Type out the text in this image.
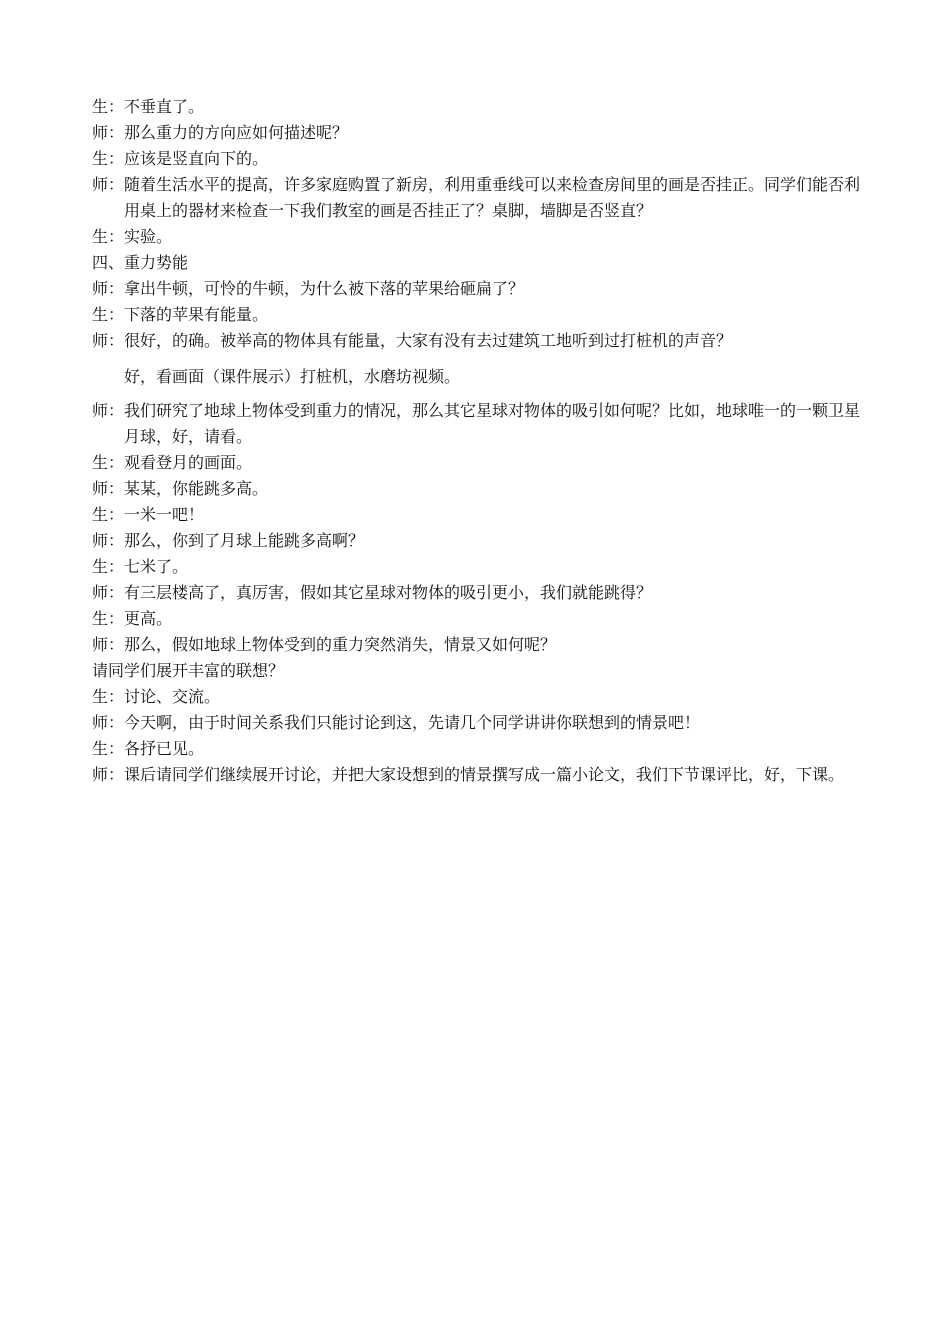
生：不垂直了。
师：那么重力的方向应如何描述呢？
生：应该是竖直向下的。
师：随着生活水平的提高，许多家庭购置了新房，利用重垂线可以来检查房间里的画是否挂正。同学们能否利用桌上的器材来检查一下我们教室的画是否挂正了？桌脚，墙脚是否竖直？
生：实验。
四、重力势能
师：拿出牛顿，可怜的牛顿，为什么被下落的苹果给砸扁了？
生：下落的苹果有能量。
师：很好，的确。被举高的物体具有能量，大家有没有去过建筑工地听到过打桩机的声音？
好，看画面（课件展示）打桩机，水磨坊视频。
师：我们研究了地球上物体受到重力的情况，那么其它星球对物体的吸引如何呢？比如，地球唯一的一颗卫星月球，好，请看。
生：观看登月的画面。
师：某某，你能跳多高。
生：一米一吧！
师：那么，你到了月球上能跳多高啊？
生：七米了。
师：有三层楼高了，真厉害，假如其它星球对物体的吸引更小，我们就能跳得？
生：更高。
师：那么，假如地球上物体受到的重力突然消失，情景又如何呢？
请同学们展开丰富的联想？
生：讨论、交流。
师：今天啊，由于时间关系我们只能讨论到这，先请几个同学讲讲你联想到的情景吧！
生：各抒已见。
师：课后请同学们继续展开讨论，并把大家设想到的情景撰写成一篇小论文，我们下节课评比，好，下课。
